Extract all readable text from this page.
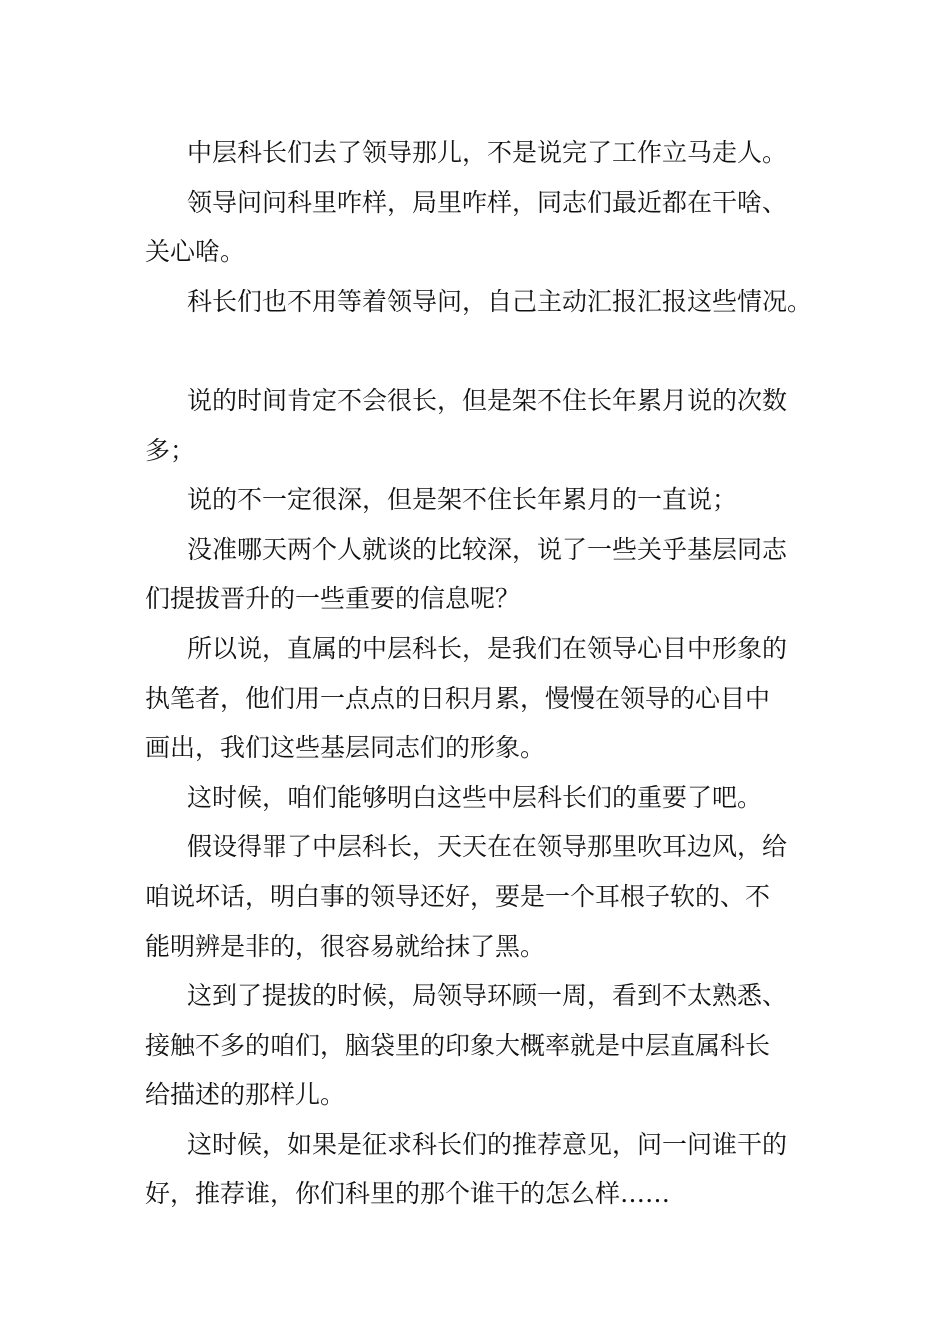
中层科长们去了领导那儿，不是说完了工作立马走人。
领导问问科里咋样，局里咋样，同志们最近都在干啥、
关心啥。
科长们也不用等着领导问，自己主动汇报汇报这些情况。
说的时间肯定不会很长，但是架不住长年累月说的次数
多；
说的不一定很深，但是架不住长年累月的一直说；
没准哪天两个人就谈的比较深，说了一些关乎基层同志
们提拔晋升的一些重要的信息呢？
所以说，直属的中层科长，是我们在领导心目中形象的
执笔者，他们用一点点的日积月累，慢慢在领导的心目中
画出，我们这些基层同志们的形象。
这时候，咱们能够明白这些中层科长们的重要了吧。
假设得罪了中层科长，天天在在领导那里吹耳边风，给
咱说坏话，明白事的领导还好，要是一个耳根子软的、不
能明辨是非的，很容易就给抹了黑。
这到了提拔的时候，局领导环顾一周，看到不太熟悉、
接触不多的咱们，脑袋里的印象大概率就是中层直属科长
给描述的那样儿。
这时候，如果是征求科长们的推荐意见，问一问谁干的
好，推荐谁，你们科里的那个谁干的怎么样……
